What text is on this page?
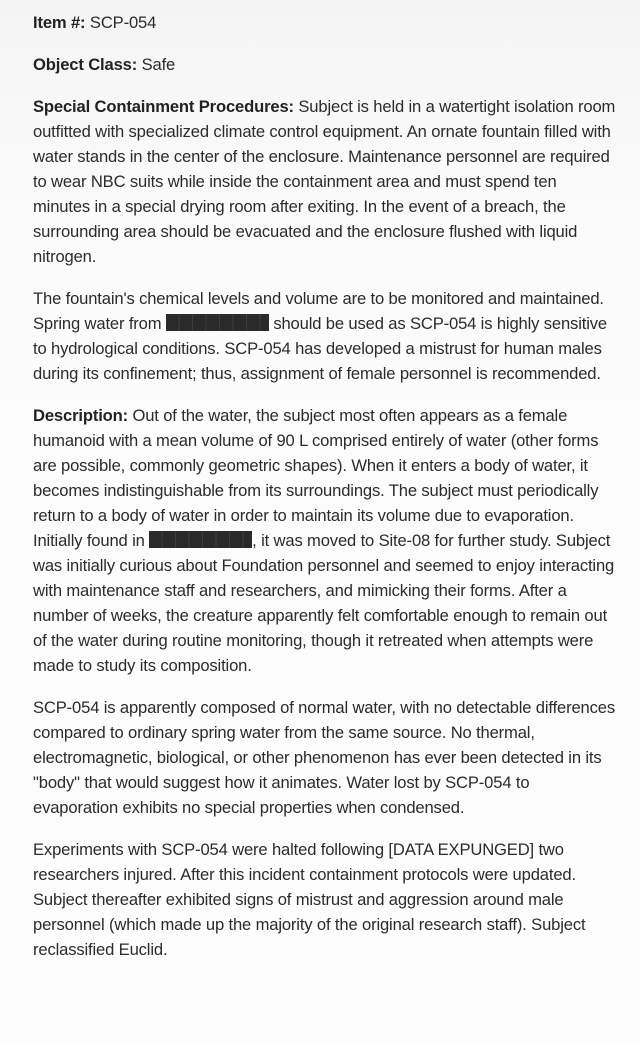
Item #: SCP-054

Object Class: Safe

Special Containment Procedures: Subject is held in a watertight isolation room outfitted with specialized climate control equipment. An ornate fountain filled with water stands in the center of the enclosure. Maintenance personnel are required to wear NBC suits while inside the containment area and must spend ten minutes in a special drying room after exiting. In the event of a breach, the surrounding area should be evacuated and the enclosure flushed with liquid nitrogen.

The fountain's chemical levels and volume are to be monitored and maintained. Spring water from	should be used as SCP-054 is highly sensitive to hydrological conditions. SCP-054 has developed a mistrust for human males during its confinement; thus, assignment of female personnel is recommended.

Description: Out of the water, the subject most often appears as a female humanoid with a mean volume of 90 L comprised entirely of water (other forms are possible, commonly geometric shapes). When it enters a body of water, it becomes indistinguishable from its surroundings. The subject must periodically return to a body of water in order to maintain its volume due to evaporation. Initially found in	, it was moved to Site-08 for further study. Subject was initially curious about Foundation personnel and seemed to enjoy interacting with maintenance staff and researchers, and mimicking their forms. After a number of weeks, the creature apparently felt comfortable enough to remain out of the water during routine monitoring, though it retreated when attempts were made to study its composition.

SCP-054 is apparently composed of normal water, with no detectable differences compared to ordinary spring water from the same source. No thermal, electromagnetic, biological, or other phenomenon has ever been detected in its "body" that would suggest how it animates. Water lost by SCP-054 to evaporation exhibits no special properties when condensed.

Experiments with SCP-054 were halted following [DATA EXPUNGED] two researchers injured. After this incident containment protocols were updated. Subject thereafter exhibited signs of mistrust and aggression around male personnel (which made up the majority of the original research staff). Subject reclassified Euclid.
